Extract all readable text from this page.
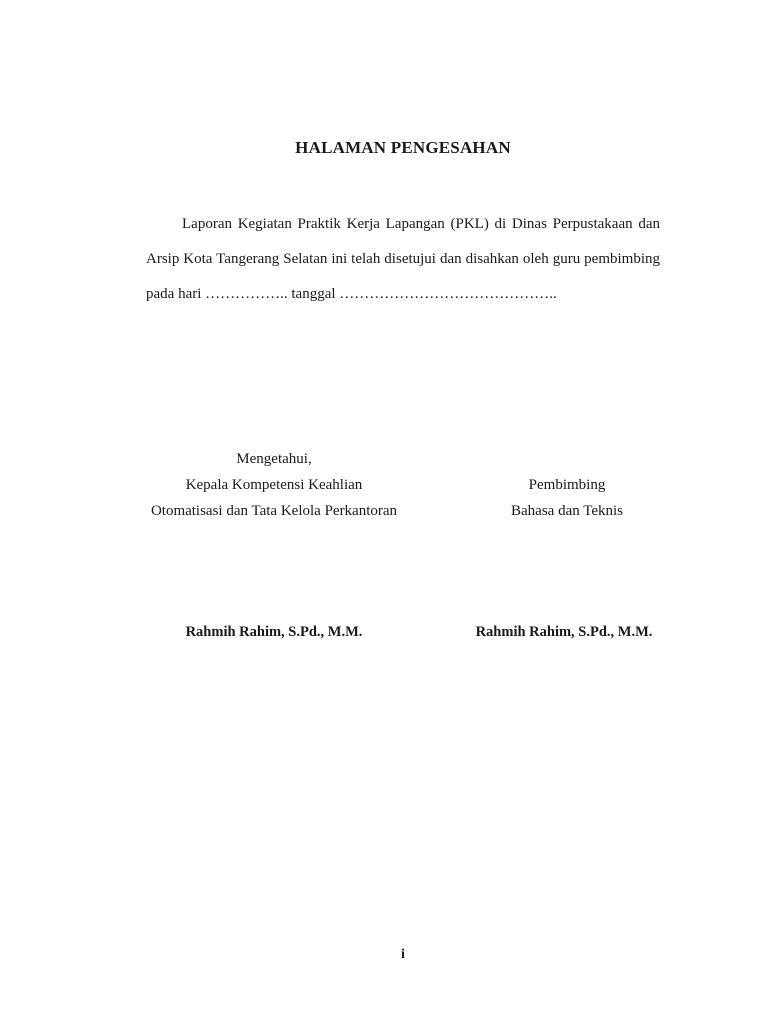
HALAMAN PENGESAHAN

Laporan Kegiatan Praktik Kerja Lapangan (PKL) di Dinas Perpustakaan dan Arsip Kota Tangerang Selatan ini telah disetujui dan disahkan oleh guru pembimbing pada hari …………….. tanggal ……………………………………..

Mengetahui,
Kepala Kompetensi Keahlian
Otomatisasi dan Tata Kelola Perkantoran
Pembimbing
Bahasa dan Teknis
Rahmih Rahim, S.Pd., M.M.	Rahmih Rahim, S.Pd., M.M.
i
